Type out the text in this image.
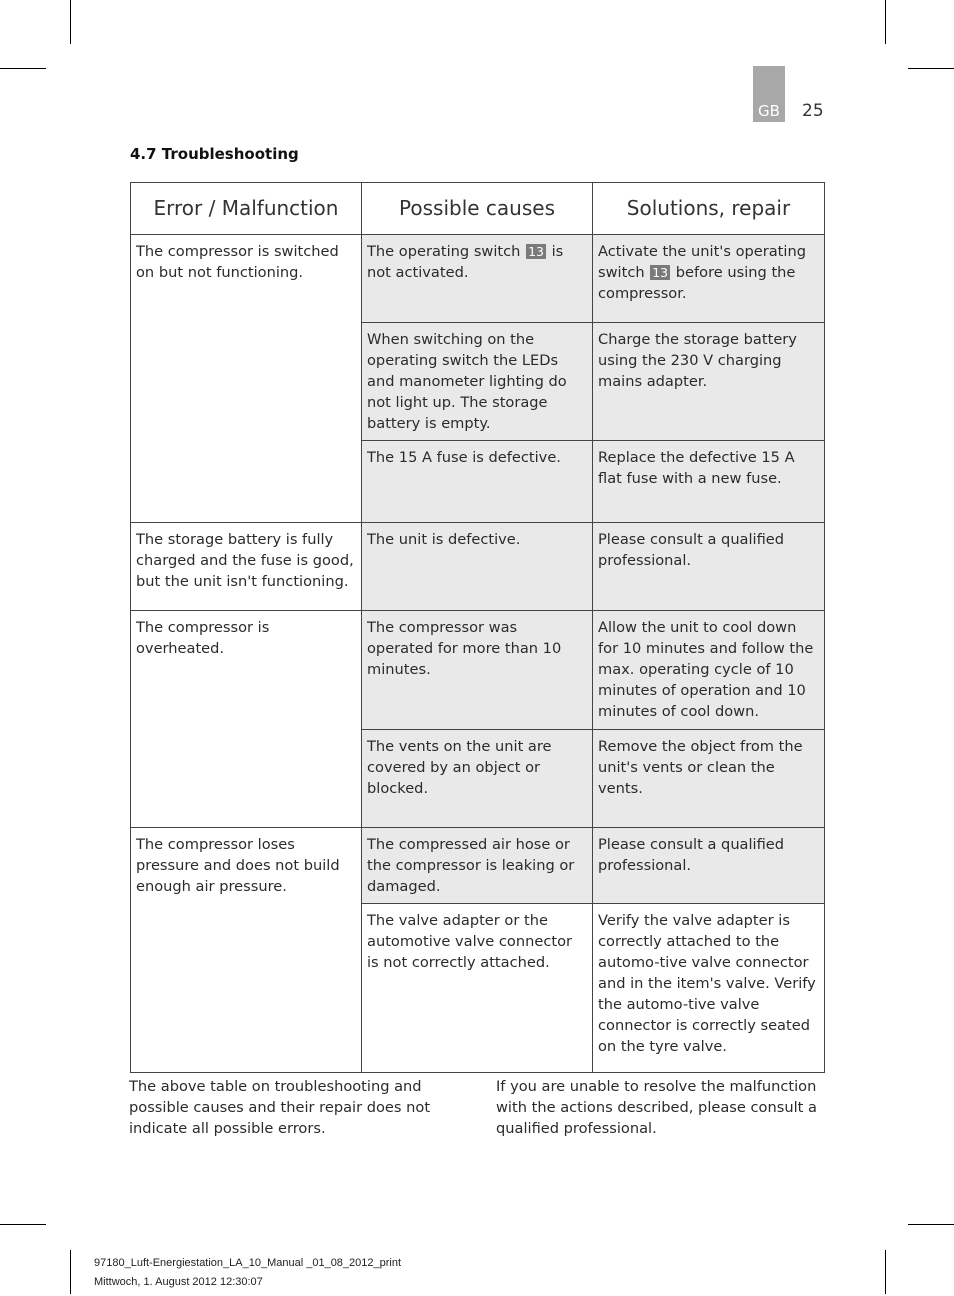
GB 25
4.7 Troubleshooting
Error / Malfunction	Possible causes	Solutions, repair
The compressor is switched on but not functioning.	The operating switch 13 is not activated.	Activate the unit's operating switch 13 before using the compressor.
	When switching on the operating switch the LEDs and manometer lighting do not light up. The storage battery is empty.	Charge the storage battery using the 230 V charging mains adapter.
	The 15 A fuse is defective.	Replace the defective 15 A flat fuse with a new fuse.
The storage battery is fully charged and the fuse is good, but the unit isn't functioning.	The unit is defective.	Please consult a qualified professional.
The compressor is overheated.	The compressor was operated for more than 10 minutes.	Allow the unit to cool down for 10 minutes and follow the max. operating cycle of 10 minutes of operation and 10 minutes of cool down.
	The vents on the unit are covered by an object or blocked.	Remove the object from the unit's vents or clean the vents.
The compressor loses pressure and does not build enough air pressure.	The compressed air hose or the compressor is leaking or damaged.	Please consult a qualified professional.
	The valve adapter or the automotive valve connector is not correctly attached.	Verify the valve adapter is correctly attached to the automo-tive valve connector and in the item's valve. Verify the automo-tive valve connector is correctly seated on the tyre valve.
The above table on troubleshooting and possible causes and their repair does not indicate all possible errors.
If you are unable to resolve the malfunction with the actions described, please consult a qualified professional.
97180_Luft-Energiestation_LA_10_Manual _01_08_2012_print
Mittwoch, 1. August 2012 12:30:07
